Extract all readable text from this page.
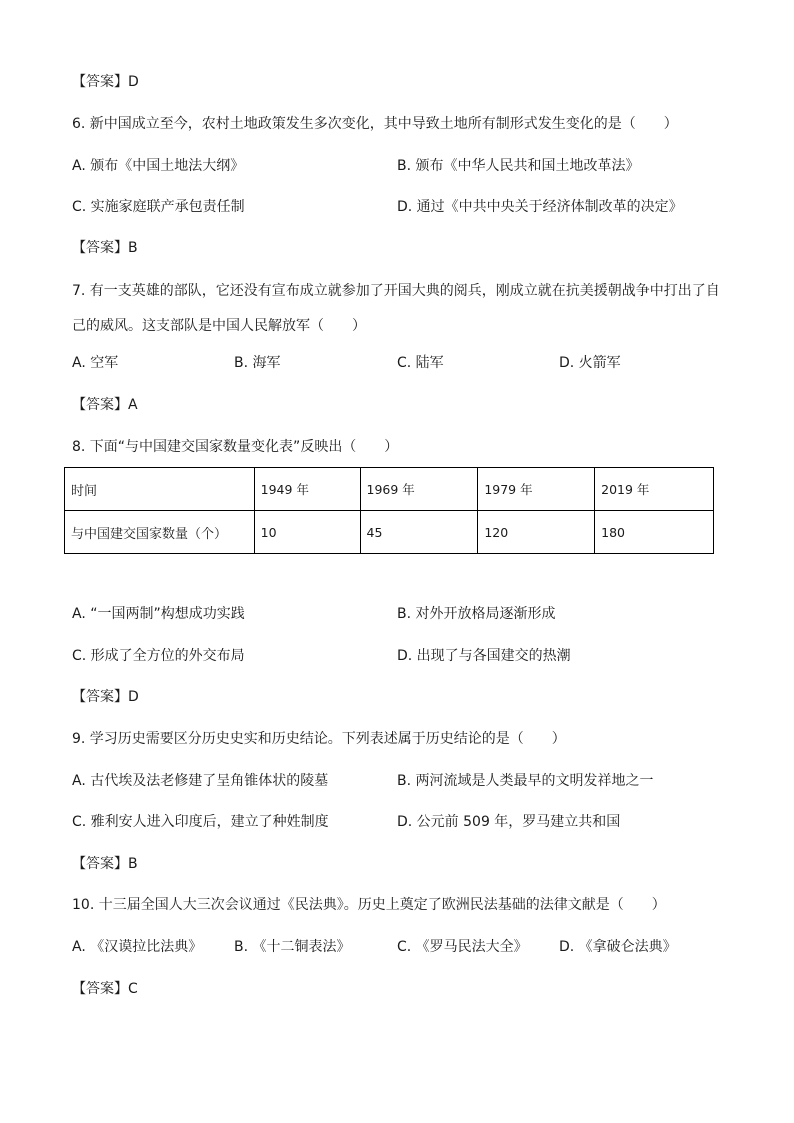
【答案】D
6. 新中国成立至今，农村土地政策发生多次变化，其中导致土地所有制形式发生变化的是（　　）
A. 颁布《中国土地法大纲》	B. 颁布《中华人民共和国土地改革法》
C. 实施家庭联产承包责任制	D. 通过《中共中央关于经济体制改革的决定》
【答案】B
7. 有一支英雄的部队，它还没有宣布成立就参加了开国大典的阅兵，刚成立就在抗美援朝战争中打出了自
己的威风。这支部队是中国人民解放军（　　）
A. 空军	B. 海军	C. 陆军	D. 火箭军
【答案】A
8. 下面“与中国建交国家数量变化表”反映出（　　）
时间	1949 年	1969 年	1979 年	2019 年
与中国建交国家数量（个）	10	45	120	180
A. “一国两制”构想成功实践	B. 对外开放格局逐渐形成
C. 形成了全方位的外交布局	D. 出现了与各国建交的热潮
【答案】D
9. 学习历史需要区分历史史实和历史结论。下列表述属于历史结论的是（　　）
A. 古代埃及法老修建了呈角锥体状的陵墓	B. 两河流域是人类最早的文明发祥地之一
C. 雅利安人进入印度后，建立了种姓制度	D. 公元前 509 年，罗马建立共和国
【答案】B
10. 十三届全国人大三次会议通过《民法典》。历史上奠定了欧洲民法基础的法律文献是（　　）
A. 《汉谟拉比法典》 B. 《十二铜表法》	C. 《罗马民法大全》 D. 《拿破仑法典》
【答案】C
